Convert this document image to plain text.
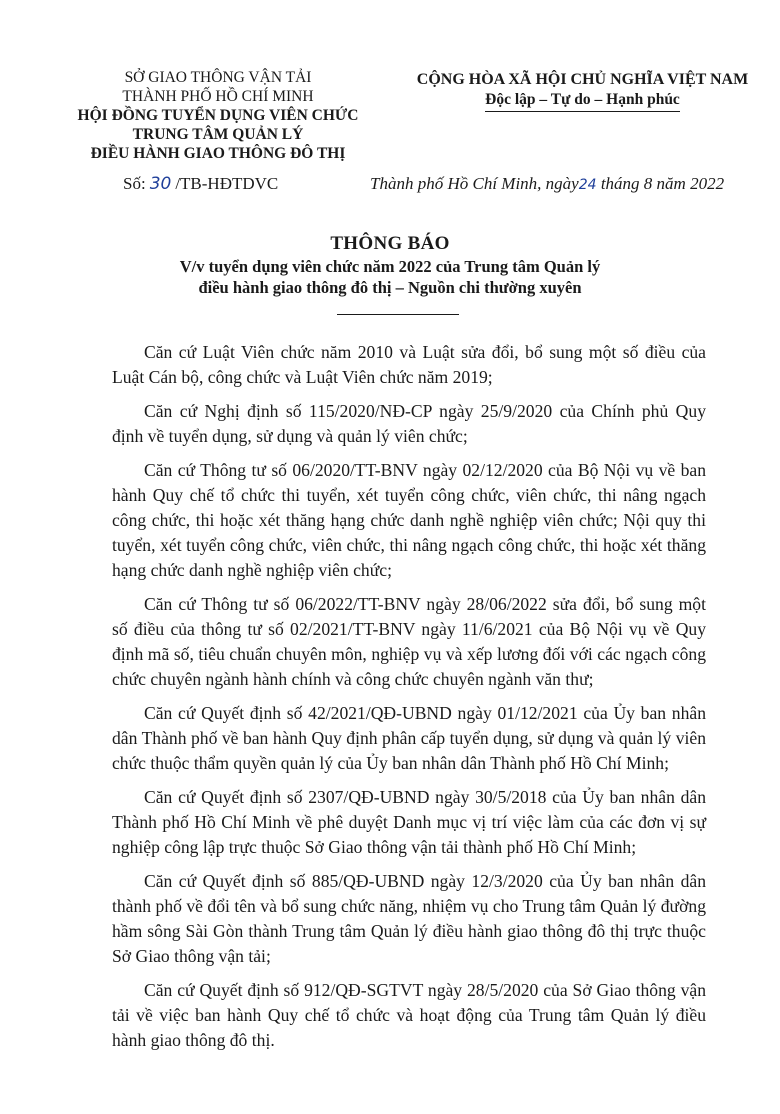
SỞ GIAO THÔNG VẬN TẢI
THÀNH PHỐ HỒ CHÍ MINH
HỘI ĐỒNG TUYỂN DỤNG VIÊN CHỨC
TRUNG TÂM QUẢN LÝ
ĐIỀU HÀNH GIAO THÔNG ĐÔ THỊ
CỘNG HÒA XÃ HỘI CHỦ NGHĨA VIỆT NAM
Độc lập – Tự do – Hạnh phúc
Số: 30 /TB-HĐTDVC	Thành phố Hồ Chí Minh, ngày24 tháng 8 năm 2022
THÔNG BÁO
V/v tuyển dụng viên chức năm 2022 của Trung tâm Quản lý
điều hành giao thông đô thị – Nguồn chi thường xuyên

Căn cứ Luật Viên chức năm 2010 và Luật sửa đổi, bổ sung một số điều của Luật Cán bộ, công chức và Luật Viên chức năm 2019;

Căn cứ Nghị định số 115/2020/NĐ-CP ngày 25/9/2020 của Chính phủ Quy định về tuyển dụng, sử dụng và quản lý viên chức;

Căn cứ Thông tư số 06/2020/TT-BNV ngày 02/12/2020 của Bộ Nội vụ về ban hành Quy chế tổ chức thi tuyển, xét tuyển công chức, viên chức, thi nâng ngạch công chức, thi hoặc xét thăng hạng chức danh nghề nghiệp viên chức; Nội quy thi tuyển, xét tuyển công chức, viên chức, thi nâng ngạch công chức, thi hoặc xét thăng hạng chức danh nghề nghiệp viên chức;

Căn cứ Thông tư số 06/2022/TT-BNV ngày 28/06/2022 sửa đổi, bổ sung một số điều của thông tư số 02/2021/TT-BNV ngày 11/6/2021 của Bộ Nội vụ về Quy định mã số, tiêu chuẩn chuyên môn, nghiệp vụ và xếp lương đối với các ngạch công chức chuyên ngành hành chính và công chức chuyên ngành văn thư;

Căn cứ Quyết định số 42/2021/QĐ-UBND ngày 01/12/2021 của Ủy ban nhân dân Thành phố về ban hành Quy định phân cấp tuyển dụng, sử dụng và quản lý viên chức thuộc thẩm quyền quản lý của Ủy ban nhân dân Thành phố Hồ Chí Minh;

Căn cứ Quyết định số 2307/QĐ-UBND ngày 30/5/2018 của Ủy ban nhân dân Thành phố Hồ Chí Minh về phê duyệt Danh mục vị trí việc làm của các đơn vị sự nghiệp công lập trực thuộc Sở Giao thông vận tải thành phố Hồ Chí Minh;

Căn cứ Quyết định số 885/QĐ-UBND ngày 12/3/2020 của Ủy ban nhân dân thành phố về đổi tên và bổ sung chức năng, nhiệm vụ cho Trung tâm Quản lý đường hầm sông Sài Gòn thành Trung tâm Quản lý điều hành giao thông đô thị trực thuộc Sở Giao thông vận tải;

Căn cứ Quyết định số 912/QĐ-SGTVT ngày 28/5/2020 của Sở Giao thông vận tải về việc ban hành Quy chế tổ chức và hoạt động của Trung tâm Quản lý điều hành giao thông đô thị.
